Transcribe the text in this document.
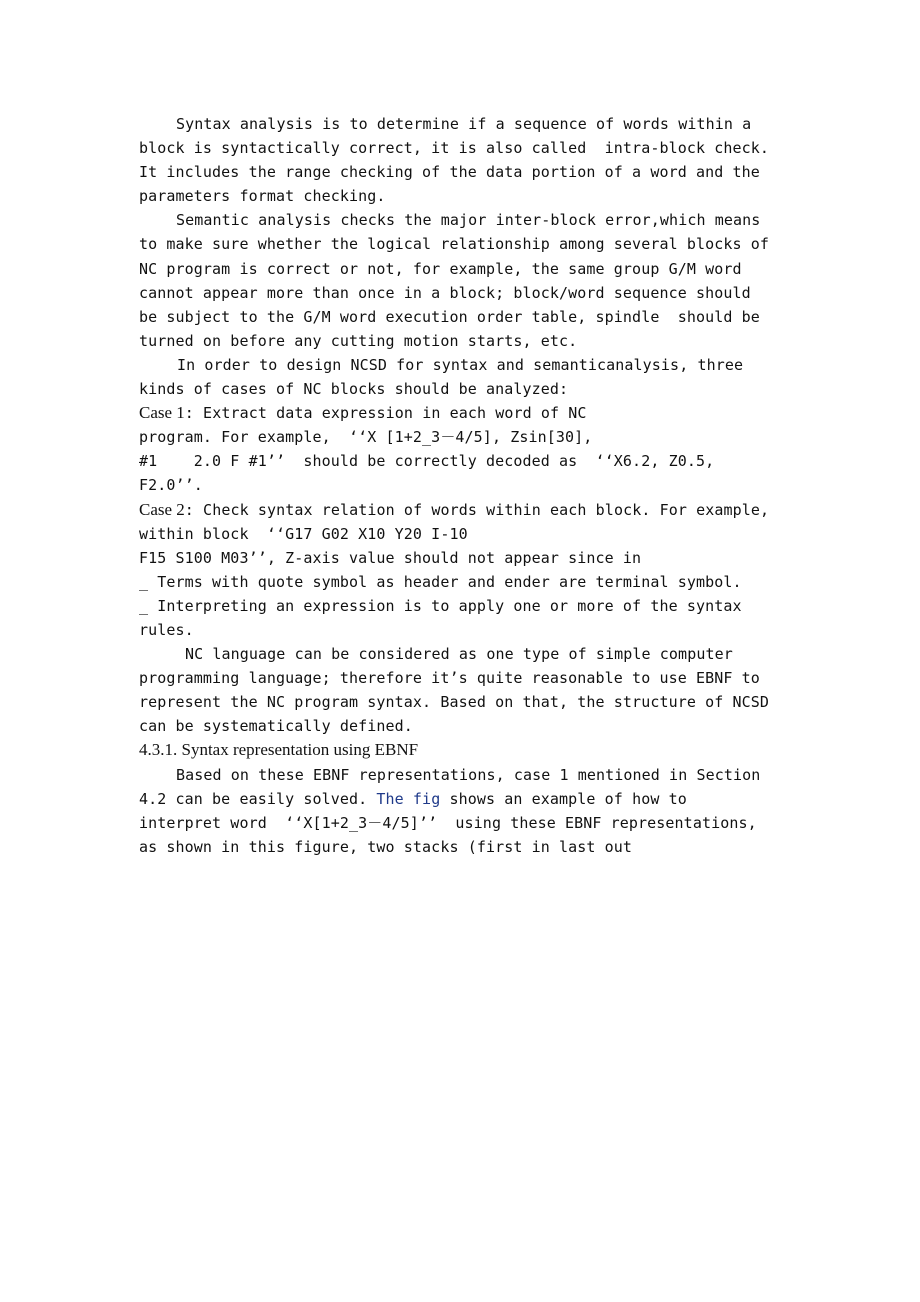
Syntax analysis is to determine if a sequence of words within a
block is syntactically correct, it is also called  intra-block check.
It includes the range checking of the data portion of a word and the
parameters format checking.
Semantic analysis checks the major inter-block error,which means
to make sure whether the logical relationship among several blocks of
NC program is correct or not, for example, the same group G/M word
cannot appear more than once in a block; block/word sequence should
be subject to the G/M word execution order table, spindle  should be
turned on before any cutting motion starts, etc.
In order to design NCSD for syntax and semanticanalysis, three
kinds of cases of NC blocks should be analyzed:
Case 1: Extract data expression in each word of NC
program. For example,  ‘‘X [1+2_3－4/5], Zsin[30],
#1    2.0 F #1’’  should be correctly decoded as  ‘‘X6.2, Z0.5,
F2.0’’.
Case 2: Check syntax relation of words within each block. For example,
within block  ‘‘G17 G02 X10 Y20 I-10
F15 S100 M03’’, Z-axis value should not appear since in
_ Terms with quote symbol as header and ender are terminal symbol.
_ Interpreting an expression is to apply one or more of the syntax
rules.
NC language can be considered as one type of simple computer
programming language; therefore it’s quite reasonable to use EBNF to
represent the NC program syntax. Based on that, the structure of NCSD
can be systematically defined.
4.3.1. Syntax representation using EBNF
Based on these EBNF representations, case 1 mentioned in Section
4.2 can be easily solved. The fig shows an example of how to
interpret word  ‘‘X[1+2_3－4/5]’’  using these EBNF representations,
as shown in this figure, two stacks (first in last out
